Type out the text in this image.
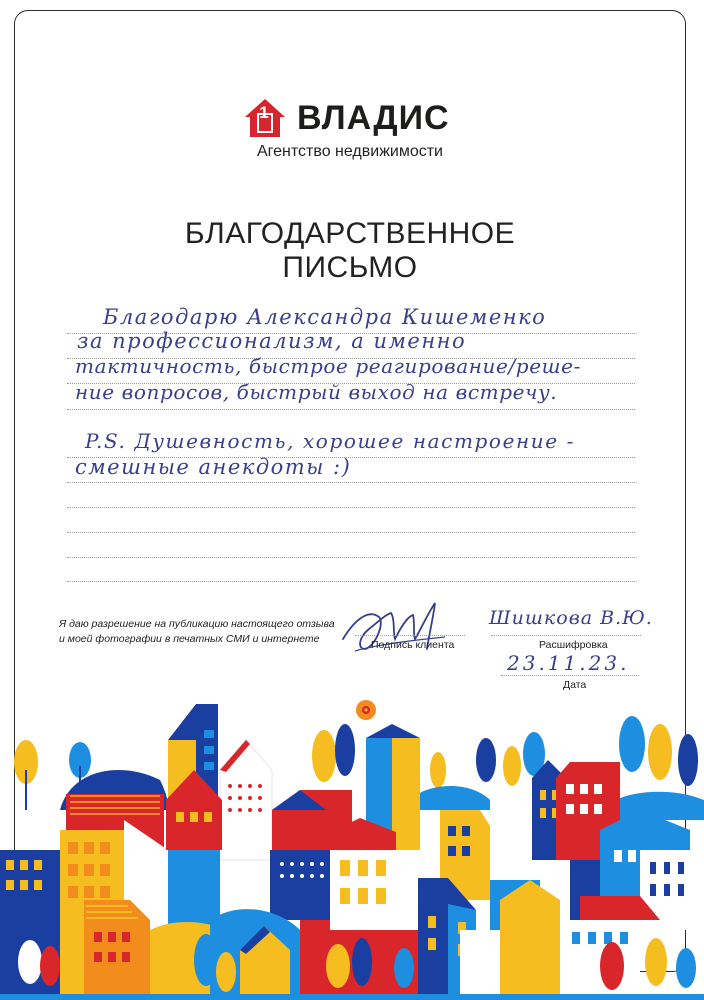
ВЛАДИС
1
Агентство недвижимости
БЛАГОДАРСТВЕННОЕ
ПИСЬМО
Благодарю Александра Кишеменко
за профессионализм, а именно
тактичность, быстрое реагирование/реше-
ние вопросов, быстрый выход на встречу.
P.S. Душевность, хорошее настроение -
смешные анекдоты :)
Я даю разрешение на публикацию настоящего отзыва
и моей фотографии в печатных СМИ и интернете	Подпись клиента
Шишкова В.Ю.
Расшифровка
23.11.23.
Дата
